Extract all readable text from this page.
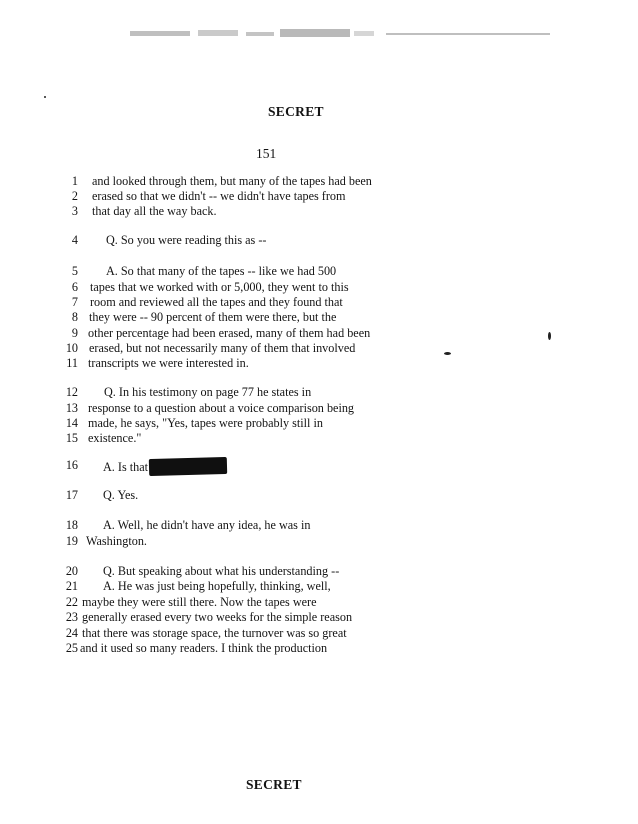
SECRET
151
1 and looked through them, but many of the tapes had been
2 erased so that we didn't -- we didn't have tapes from
3 that day all the way back.
4 Q. So you were reading this as --
5 A. So that many of the tapes -- like we had 500
6 tapes that we worked with or 5,000, they went to this
7 room and reviewed all the tapes and they found that
8 they were -- 90 percent of them were there, but the
9 other percentage had been erased, many of them had been
10 erased, but not necessarily many of them that involved
11 transcripts we were interested in.
12 Q. In his testimony on page 77 he states in
13 response to a question about a voice comparison being
14 made, he says, "Yes, tapes were probably still in
15 existence."
16 A. Is that
17 Q. Yes.
18 A. Well, he didn't have any idea, he was in
19 Washington.
20 Q. But speaking about what his understanding --
21 A. He was just being hopefully, thinking, well,
22 maybe they were still there. Now the tapes were
23 generally erased every two weeks for the simple reason
24 that there was storage space, the turnover was so great
25 and it used so many readers. I think the production
SECRET
